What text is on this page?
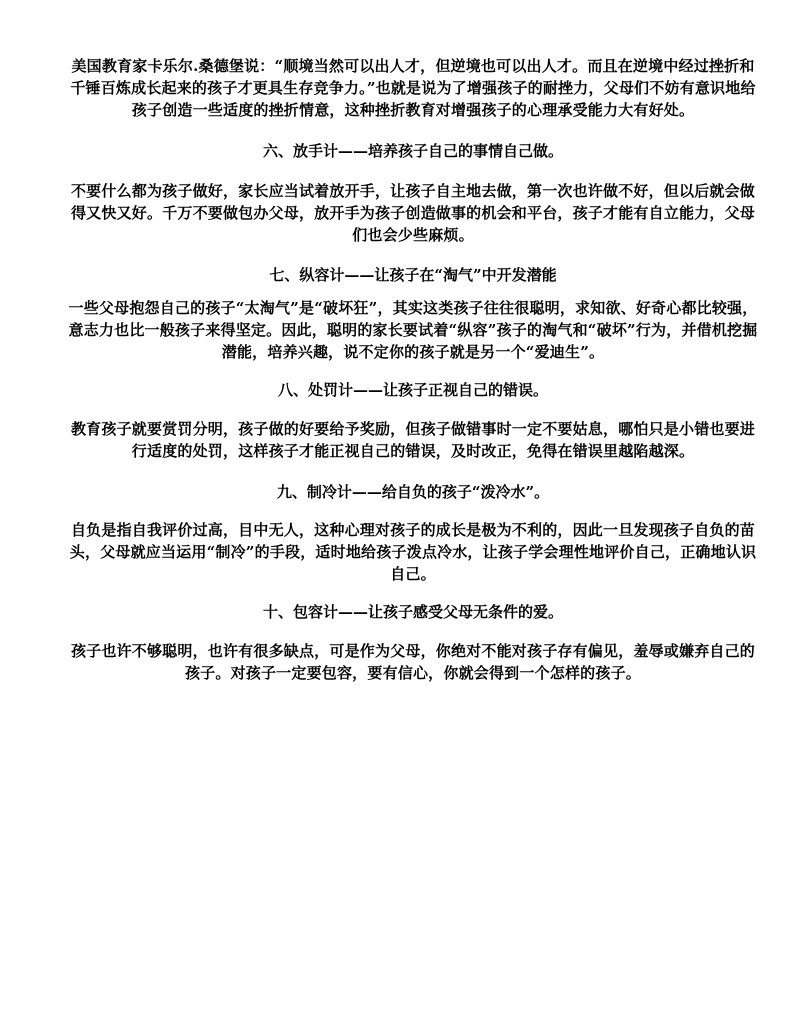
美国教育家卡乐尔.桑德堡说：“顺境当然可以出人才，但逆境也可以出人才。而且在逆境中经过挫折和千锤百炼成长起来的孩子才更具生存竞争力。”也就是说为了增强孩子的耐挫力，父母们不妨有意识地给孩子创造一些适度的挫折情意，这种挫折教育对增强孩子的心理承受能力大有好处。

六、放手计——培养孩子自己的事情自己做。

不要什么都为孩子做好，家长应当试着放开手，让孩子自主地去做，第一次也许做不好，但以后就会做得又快又好。千万不要做包办父母，放开手为孩子创造做事的机会和平台，孩子才能有自立能力，父母们也会少些麻烦。

七、纵容计——让孩子在“淘气”中开发潜能

一些父母抱怨自己的孩子“太淘气”是“破坏狂”，其实这类孩子往往很聪明，求知欲、好奇心都比较强，意志力也比一般孩子来得坚定。因此，聪明的家长要试着“纵容”孩子的淘气和“破坏”行为，并借机挖掘潜能，培养兴趣，说不定你的孩子就是另一个“爱迪生”。

八、处罚计——让孩子正视自己的错误。

教育孩子就要赏罚分明，孩子做的好要给予奖励，但孩子做错事时一定不要姑息，哪怕只是小错也要进行适度的处罚，这样孩子才能正视自己的错误，及时改正，免得在错误里越陷越深。

九、制冷计——给自负的孩子“泼冷水”。

自负是指自我评价过高，目中无人，这种心理对孩子的成长是极为不利的，因此一旦发现孩子自负的苗头，父母就应当运用“制冷”的手段，适时地给孩子泼点冷水，让孩子学会理性地评价自己，正确地认识自己。

十、包容计——让孩子感受父母无条件的爱。

孩子也许不够聪明，也许有很多缺点，可是作为父母，你绝对不能对孩子存有偏见，羞辱或嫌弃自己的孩子。对孩子一定要包容，要有信心，你就会得到一个怎样的孩子。
